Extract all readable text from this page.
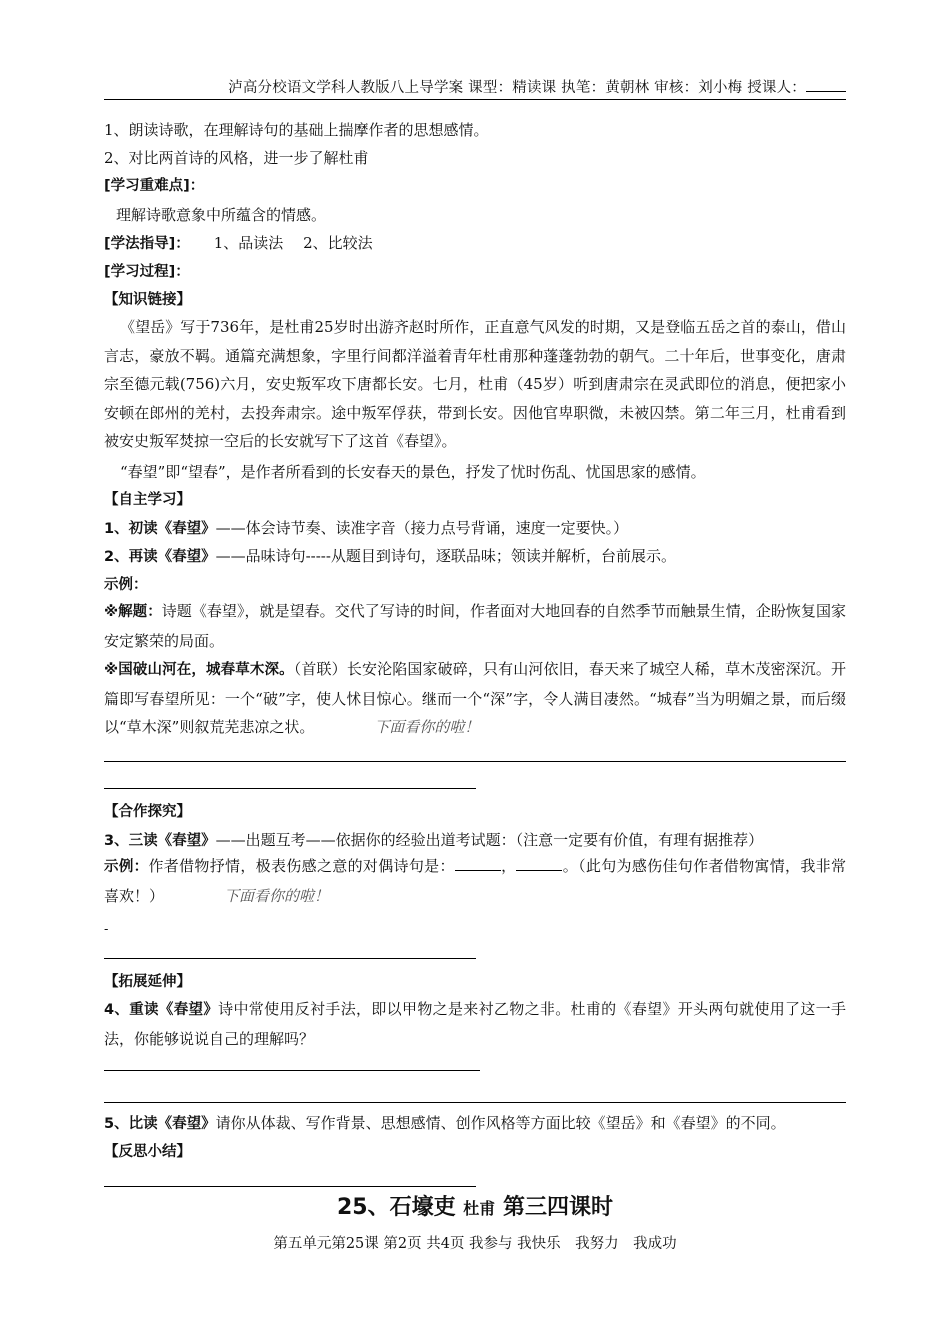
泸高分校语文学科人教版八上导学案 课型：精读课 执笔：黄朝林 审核：刘小梅 授课人：
1、朗读诗歌，在理解诗句的基础上揣摩作者的思想感情。
2、对比两首诗的风格，进一步了解杜甫
[学习重难点]：
理解诗歌意象中所蕴含的情感。
[学法指导]： 1、品读法　 2、比较法
[学习过程]：
【知识链接】
《望岳》写于736年，是杜甫25岁时出游齐赵时所作，正直意气风发的时期，又是登临五岳之首的泰山，借山言志，豪放不羁。通篇充满想象，字里行间都洋溢着青年杜甫那种蓬蓬勃勃的朝气。二十年后，世事变化，唐肃宗至德元载(756)六月，安史叛军攻下唐都长安。七月，杜甫（45岁）听到唐肃宗在灵武即位的消息，便把家小安顿在郎州的羌村，去投奔肃宗。途中叛军俘获，带到长安。因他官卑职微，未被囚禁。第二年三月，杜甫看到被安史叛军焚掠一空后的长安就写下了这首《春望》。
“春望”即“望春”，是作者所看到的长安春天的景色，抒发了忧时伤乱、忧国思家的感情。
【自主学习】
1、初读《春望》——体会诗节奏、读准字音（接力点号背诵，速度一定要快。）
2、再读《春望》——品味诗句-----从题目到诗句，逐联品味；领读并解析，台前展示。
示例：
※解题：诗题《春望》，就是望春。交代了写诗的时间，作者面对大地回春的自然季节而触景生情，企盼恢复国家安定繁荣的局面。
※国破山河在，城春草木深。（首联）长安沦陷国家破碎，只有山河依旧，春天来了城空人稀，草木茂密深沉。开篇即写春望所见：一个“破”字，使人怵目惊心。继而一个“深”字，令人满目凄然。“城春”当为明媚之景，而后缀以“草木深”则叙荒芜悲凉之状。	下面看你的啦！
【合作探究】
3、三读《春望》——出题互考——依据你的经验出道考试题：（注意一定要有价值，有理有据推荐）
示例：作者借物抒情，极表伤感之意的对偶诗句是：	，	。（此句为感伤佳句作者借物寓情，我非常喜欢！）	下面看你的啦！
-
【拓展延伸】
4、重读《春望》诗中常使用反衬手法，即以甲物之是来衬乙物之非。杜甫的《春望》开头两句就使用了这一手法，你能够说说自己的理解吗？
5、比读《春望》请你从体裁、写作背景、思想感情、创作风格等方面比较《望岳》和《春望》的不同。
【反思小结】
25、石壕吏 杜甫 第三四课时
第五单元第25课 第2页 共4页 我参与 我快乐　我努力　我成功
